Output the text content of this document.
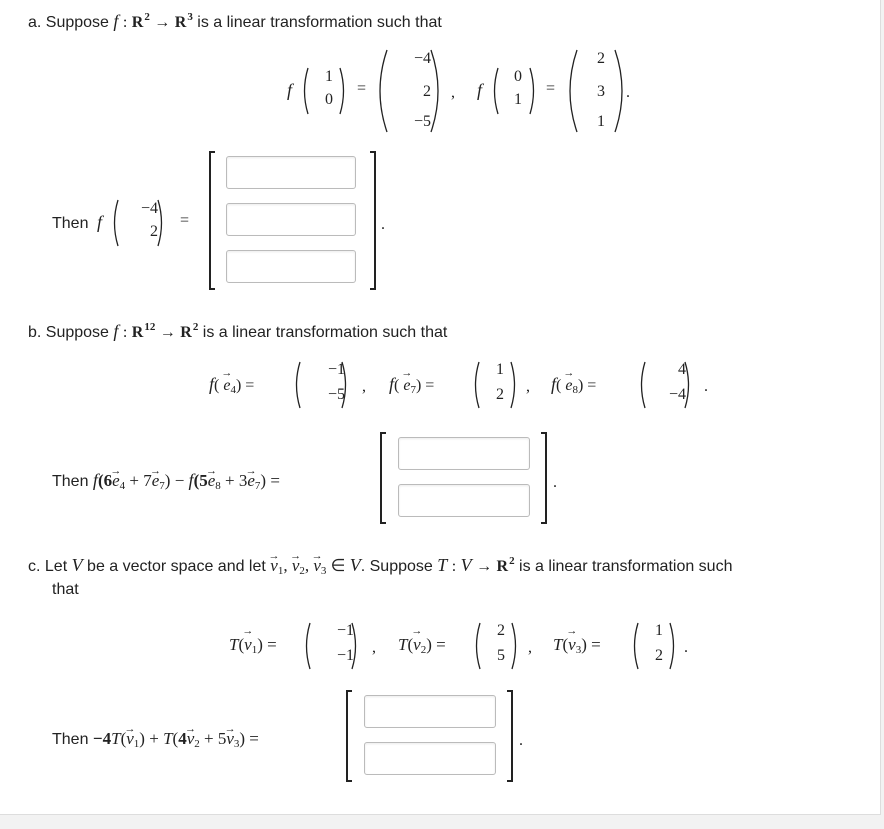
a. Suppose f : $R^2 \to R^3$ is a linear transformation such that
f
1
0
=
−4
2
−5
, f
0
1
=
2
3
1
.
Then f
−4
2
=	.
b. Suppose f : $R^{12} \to R^2$ is a linear transformation such that
$f( \to e_4)$ =
−1
−5 , $f( \to e_7)$ =
1
2 , $f( \to e_8)$ =
4
−4 .
Then $f(6\to e_4 + 7\to e_7) - f(5\to e_8 + 3\to e_7)$ =	.
c. Let V be a vector space and let → $v_1$, → $v_2$, → $v_3$ ∈ V. Suppose T : $V \to R^2$ is a linear transformation such
that
$T(\to v_1)$ =
−1
−1 , $T(\to v_2)$ =
2
5 , $T(\to v_3)$ =
1
2 .
Then $-4T(\to v_1) + T(4\to v_2 + 5\to v_3)$ =	.
